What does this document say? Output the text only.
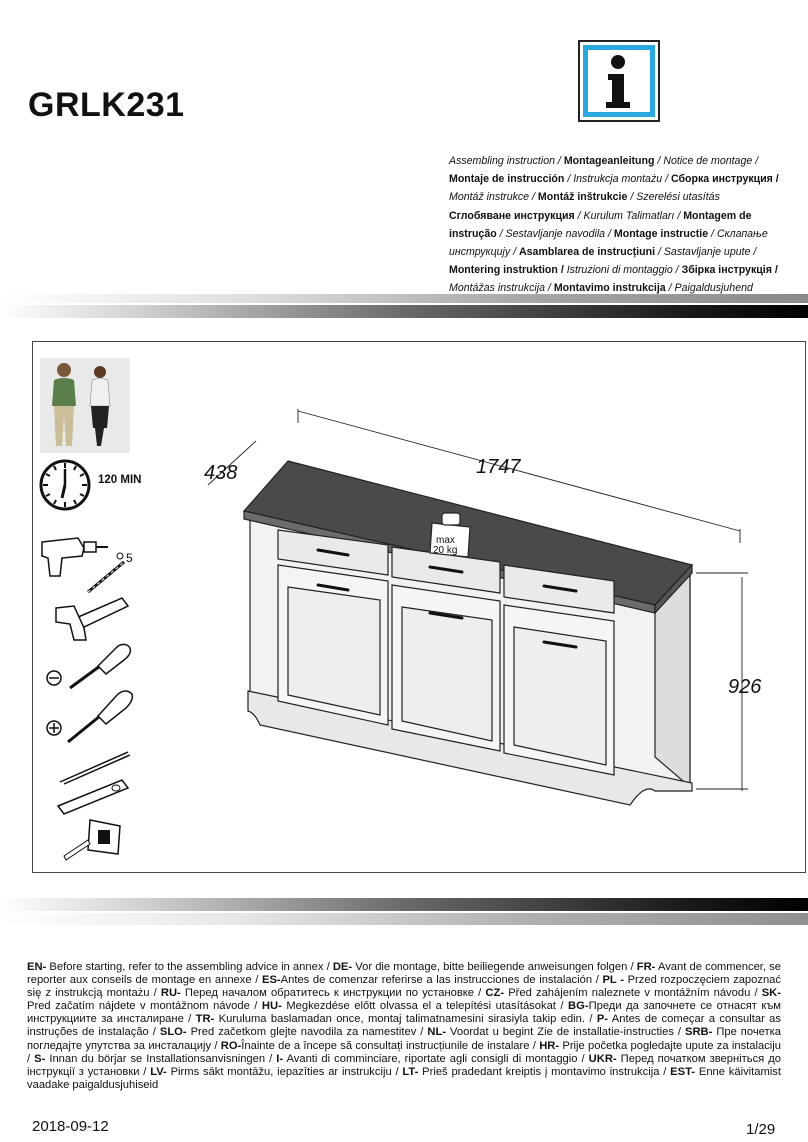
GRLK231
Assembling instruction / Montageanleitung / Notice de montage /
Montaje de instrucción / Instrukcja montażu / Сборка инструкция /
Montáž instrukce / Montáž inštrukcie / Szerelési utasítás
Сглобяване инструкция / Kurulum Talimatları / Montagem de
instrução / Sestavljanje navodila / Montage instructie / Склапање
инструкцију / Asamblarea de instrucțiuni / Sastavljanje upute /
Montering instruktion / Istruzioni di montaggio / Збірка інструкція /
Montážas instrukcija / Montavimo instrukcija / Paigaldusjuhend
120 MIN
5
max
20 kg
1747
438
926
EN- Before starting, refer to the assembling advice in annex / DE- Vor die montage, bitte beiliegende anweisungen folgen / FR- Avant de commencer, se reporter aux conseils de montage en annexe / ES-Antes de comenzar referirse a las instrucciones de instalación / PL - Przed rozpoczęciem zapoznać się z instrukcją montażu / RU- Перед началом обратитесь к инструкции по установке / CZ- Před zahájením naleznete v montážním návodu / SK- Pred začatím nájdete v montážnom návode / HU- Megkezdése előtt olvassa el a telepítési utasításokat / BG-Преди да започнете се отнасят към инструкциите за инсталиране / TR- Kuruluma baslamadan once, montaj talimatnamesini sirasiyla takip edin. / P- Antes de começar a consultar as instruções de instalação / SLO- Pred začetkom glejte navodila za namestitev / NL- Voordat u begint Zie de installatie-instructies / SRB- Пре почетка погледајте упутства за инсталацију / RO-Înainte de a începe să consultați instrucțiunile de instalare / HR- Prije početka pogledajte upute za instalaciju / S- Innan du börjar se Installationsanvisningen / I- Avanti di comminciare, riportate agli consigli di montaggio / UKR- Перед початком звернiться до iнструкцiї з установки / LV- Pirms sākt montāžu, iepazīties ar instrukciju / LT- Prieš pradedant kreiptis į montavimo instrukcija / EST- Enne käivitamist vaadake paigaldusjuhiseid
2018-09-12	1/29
